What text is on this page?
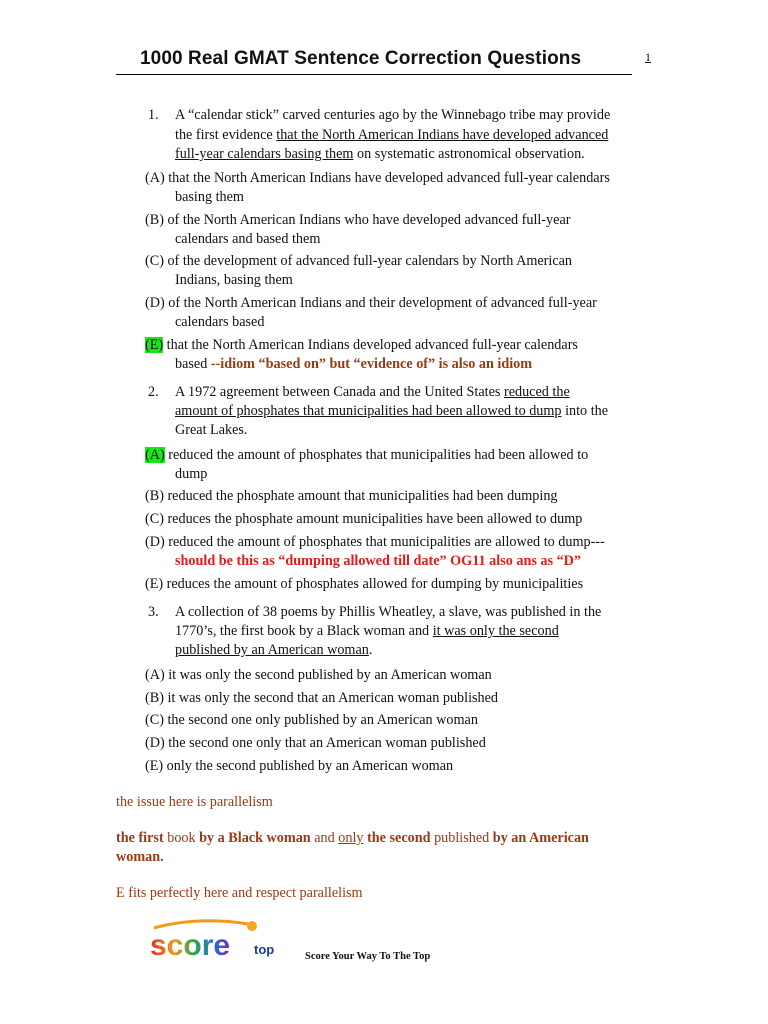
1000 Real GMAT Sentence Correction Questions	1
1. A “calendar stick” carved centuries ago by the Winnebago tribe may provide
the first evidence that the North American Indians have developed advanced
full-year calendars basing them on systematic astronomical observation.
(A) that the North American Indians have developed advanced full-year calendars
basing them
(B) of the North American Indians who have developed advanced full-year
calendars and based them
(C) of the development of advanced full-year calendars by North American
Indians, basing them
(D) of the North American Indians and their development of advanced full-year
calendars based
(E) that the North American Indians developed advanced full-year calendars
based --idiom “based on” but “evidence of” is also an idiom
2. A 1972 agreement between Canada and the United States reduced the
amount of phosphates that municipalities had been allowed to dump into the
Great Lakes.
(A) reduced the amount of phosphates that municipalities had been allowed to
dump
(B) reduced the phosphate amount that municipalities had been dumping
(C) reduces the phosphate amount municipalities have been allowed to dump
(D) reduced the amount of phosphates that municipalities are allowed to dump---
should be this as “dumping allowed till date” OG11 also ans as “D”
(E) reduces the amount of phosphates allowed for dumping by municipalities
3. A collection of 38 poems by Phillis Wheatley, a slave, was published in the
1770’s, the first book by a Black woman and it was only the second
published by an American woman.
(A) it was only the second published by an American woman
(B) it was only the second that an American woman published
(C) the second one only published by an American woman
(D) the second one only that an American woman published
(E) only the second published by an American woman
the issue here is parallelism
the first book by a Black woman and only the second published by an American
woman.
E fits perfectly here and respect parallelism
score top	Score Your Way To The Top
